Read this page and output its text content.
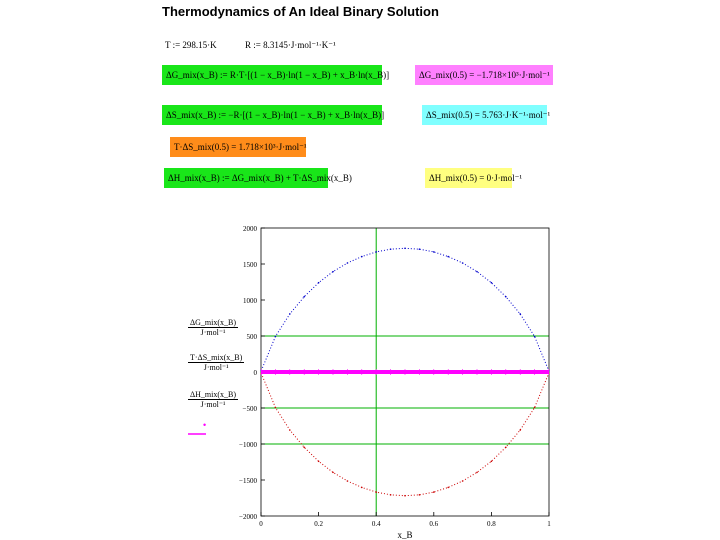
Thermodynamics of An Ideal Binary Solution
T := 298.15·K	R := 8.3145·J·mol⁻¹·K⁻¹
ΔG_mix(x_B) := R·T·[(1 − x_B)·ln(1 − x_B) + x_B·ln(x_B)]	ΔG_mix(0.5) = −1.718×10³·J·mol⁻¹
ΔS_mix(x_B) := −R·[(1 − x_B)·ln(1 − x_B) + x_B·ln(x_B)]	ΔS_mix(0.5) = 5.763·J·K⁻¹·mol⁻¹
T·ΔS_mix(0.5) = 1.718×10³·J·mol⁻¹
ΔH_mix(x_B) := ΔG_mix(x_B) + T·ΔS_mix(x_B)	ΔH_mix(0.5) = 0·J·mol⁻¹
ΔG_mix(x_B)
J·mol⁻¹
T·ΔS_mix(x_B)
J·mol⁻¹
ΔH_mix(x_B)
J·mol⁻¹
•
0	0.2	0.4	0.6	0.8	1
2000
1500
1000
500
0
−500
−1000
−1500
−2000
x_B
